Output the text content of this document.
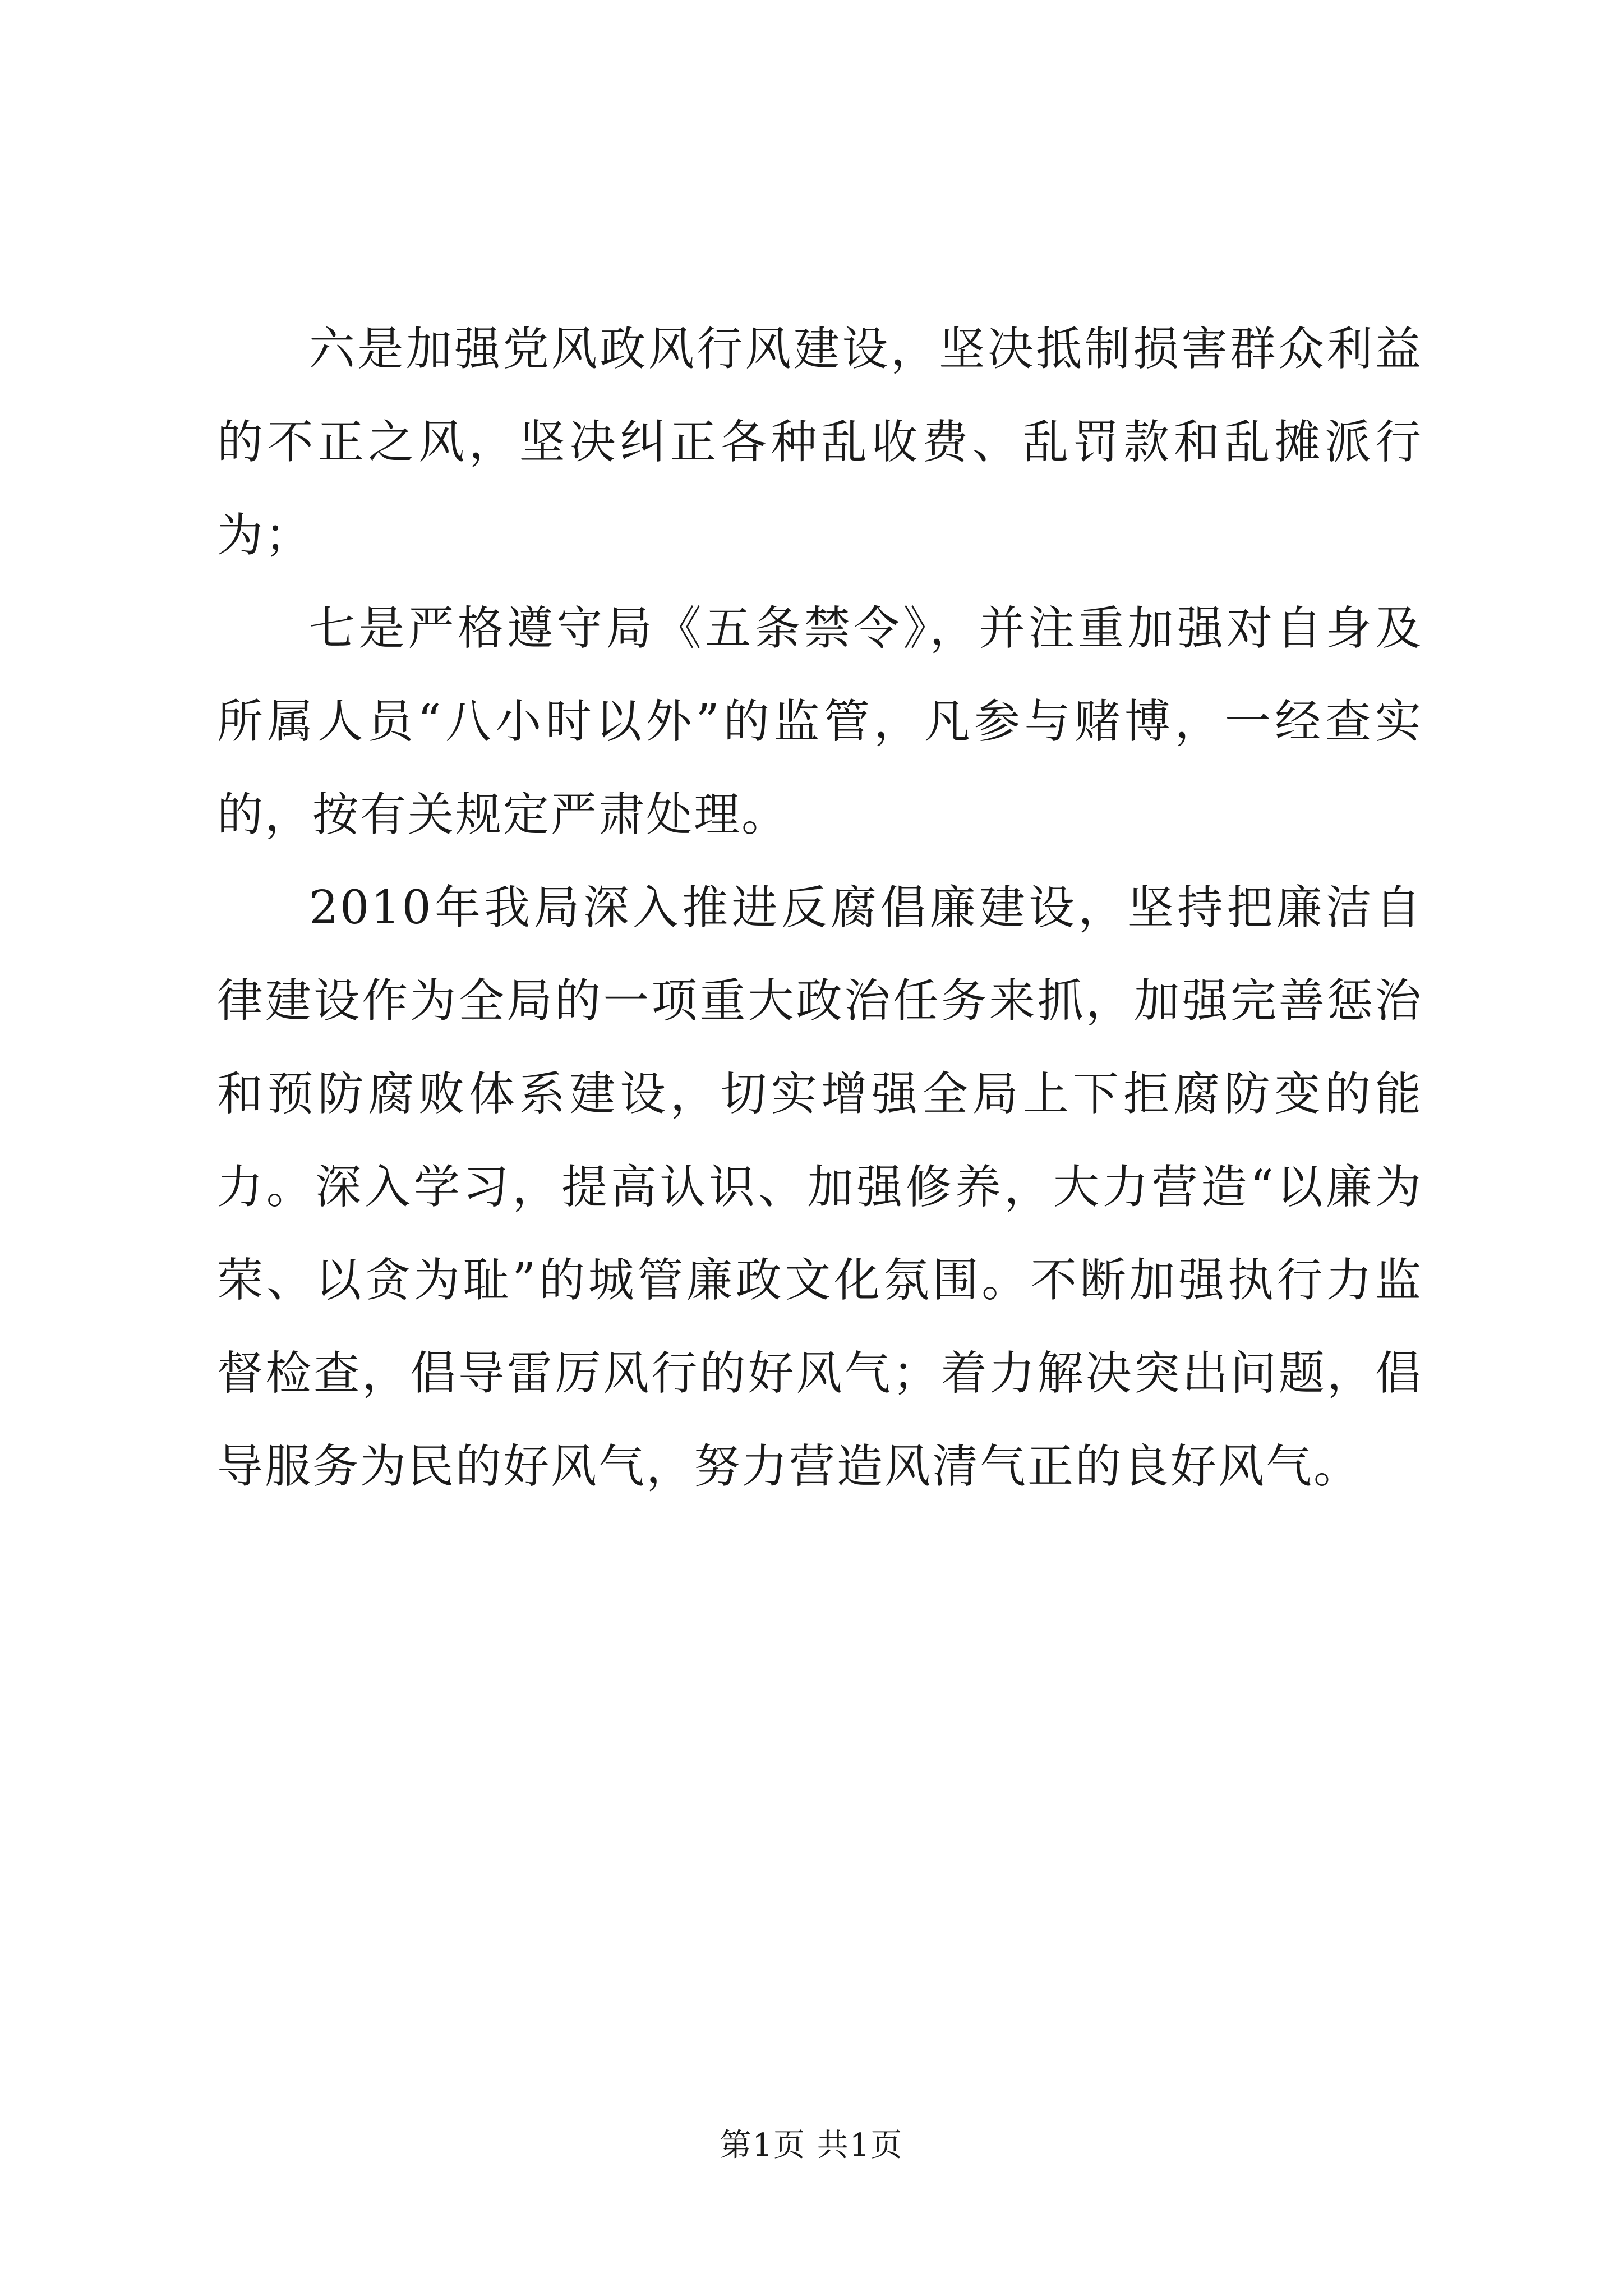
六是加强党风政风行风建设，坚决抵制损害群众利益的不正之风，坚决纠正各种乱收费、乱罚款和乱摊派行为；

七是严格遵守局《五条禁令》，并注重加强对自身及所属人员“八小时以外”的监管，凡参与赌博，一经查实的，按有关规定严肃处理。

2010年我局深入推进反腐倡廉建设，坚持把廉洁自律建设作为全局的一项重大政治任务来抓，加强完善惩治和预防腐败体系建设，切实增强全局上下拒腐防变的能力。深入学习，提高认识、加强修养，大力营造“以廉为荣、以贪为耻”的城管廉政文化氛围。不断加强执行力监督检查，倡导雷厉风行的好风气；着力解决突出问题，倡导服务为民的好风气，努力营造风清气正的良好风气。

第1页 共1页
